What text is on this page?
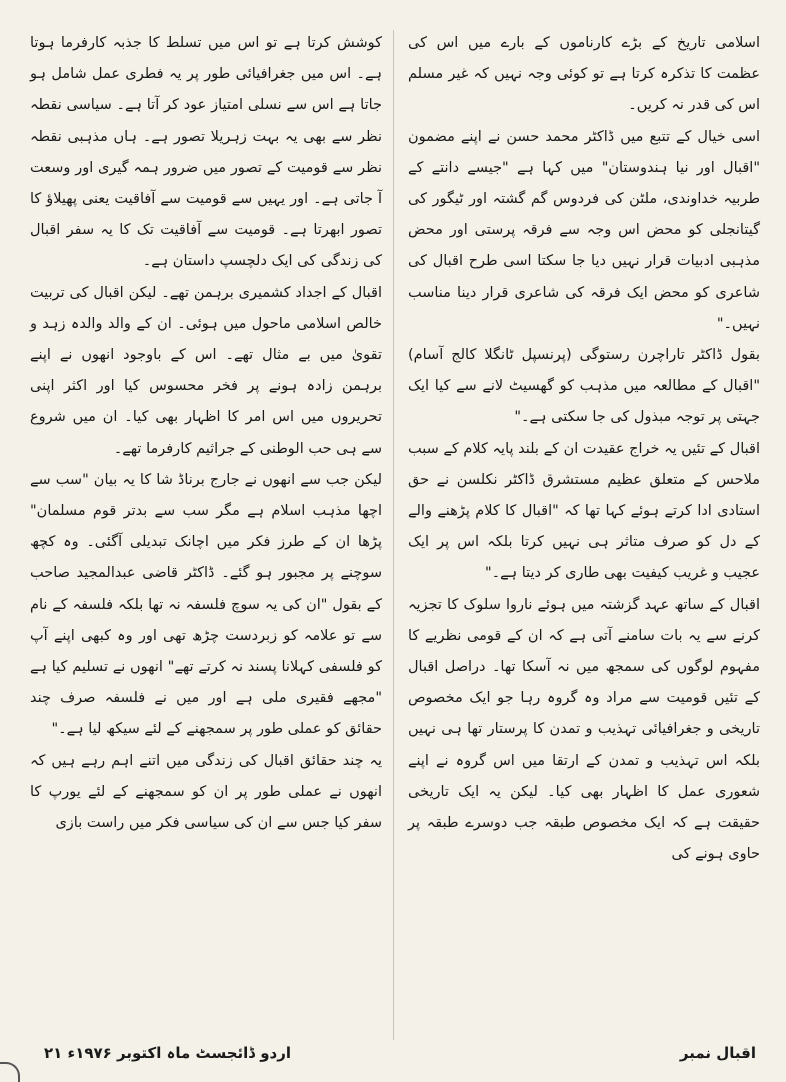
اسلامی تاریخ کے بڑے کارناموں کے بارے میں اس کی عظمت کا تذکرہ کرتا ہے تو کوئی وجہ نہیں کہ غیر مسلم اس کی قدر نہ کریں۔

اسی خیال کے تتبع میں ڈاکٹر محمد حسن نے اپنے مضمون "اقبال اور نیا ہندوستان" میں کہا ہے "جیسے دانتے کے طربیہ خداوندی، ملٹن کی فردوس گم گشتہ اور ٹیگور کی گیتانجلی کو محض اس وجہ سے فرقہ پرستی اور محض مذہبی ادبیات قرار نہیں دیا جا سکتا اسی طرح اقبال کی شاعری کو محض ایک فرقہ کی شاعری قرار دینا مناسب نہیں۔"

بقول ڈاکٹر تاراچرن رستوگی (پرنسپل ٹانگلا کالج آسام) "اقبال کے مطالعہ میں مذہب کو گھسیٹ لانے سے کیا ایک جہتی پر توجہ مبذول کی جا سکتی ہے۔"

اقبال کے تئیں یہ خراج عقیدت ان کے بلند پایہ کلام کے سبب ملاحس کے متعلق عظیم مستشرق ڈاکٹر نکلسن نے حق استادی ادا کرتے ہوئے کہا تھا کہ "اقبال کا کلام پڑھنے والے کے دل کو صرف متاثر ہی نہیں کرتا بلکہ اس پر ایک عجیب و غریب کیفیت بھی طاری کر دیتا ہے۔"

اقبال کے ساتھ عہد گزشتہ میں ہوئے ناروا سلوک کا تجزیہ کرنے سے یہ بات سامنے آتی ہے کہ ان کے قومی نظریے کا مفہوم لوگوں کی سمجھ میں نہ آسکا تھا۔ دراصل اقبال کے تئیں قومیت سے مراد وہ گروہ رہا جو ایک مخصوص تاریخی و جغرافیائی تہذیب و تمدن کا پرستار تھا ہی نہیں بلکہ اس تہذیب و تمدن کے ارتقا میں اس گروہ نے اپنے شعوری عمل کا اظہار بھی کیا۔ لیکن یہ ایک تاریخی حقیقت ہے کہ ایک مخصوص طبقہ جب دوسرے طبقہ پر حاوی ہونے کی

کوشش کرتا ہے تو اس میں تسلط کا جذبہ کارفرما ہوتا ہے۔ اس میں جغرافیائی طور پر یہ فطری عمل شامل ہو جاتا ہے اس سے نسلی امتیاز عود کر آتا ہے۔ سیاسی نقطہ نظر سے بھی یہ بہت زہریلا تصور ہے۔ ہاں مذہبی نقطہ نظر سے قومیت کے تصور میں ضرور ہمہ گیری اور وسعت آ جاتی ہے۔ اور یہیں سے قومیت سے آفاقیت یعنی پھیلاؤ کا تصور ابھرتا ہے۔ قومیت سے آفاقیت تک کا یہ سفر اقبال کی زندگی کی ایک دلچسپ داستان ہے۔

اقبال کے اجداد کشمیری برہمن تھے۔ لیکن اقبال کی تربیت خالص اسلامی ماحول میں ہوئی۔ ان کے والد والدہ زہد و تقویٰ میں بے مثال تھے۔ اس کے باوجود انھوں نے اپنے برہمن زادہ ہونے پر فخر محسوس کیا اور اکثر اپنی تحریروں میں اس امر کا اظہار بھی کیا۔ ان میں شروع سے ہی حب الوطنی کے جراثیم کارفرما تھے۔

لیکن جب سے انھوں نے جارج برناڈ شا کا یہ بیان "سب سے اچھا مذہب اسلام ہے مگر سب سے بدتر قوم مسلمان" پڑھا ان کے طرز فکر میں اچانک تبدیلی آگئی۔ وہ کچھ سوچنے پر مجبور ہو گئے۔ ڈاکٹر قاضی عبدالمجید صاحب کے بقول "ان کی یہ سوچ فلسفہ نہ تھا بلکہ فلسفہ کے نام سے تو علامہ کو زبردست چڑھ تھی اور وہ کبھی اپنے آپ کو فلسفی کہلانا پسند نہ کرتے تھے" انھوں نے تسلیم کیا ہے "مجھے فقیری ملی ہے اور میں نے فلسفہ صرف چند حقائق کو عملی طور پر سمجھنے کے لئے سیکھ لیا ہے۔"

یہ چند حقائق اقبال کی زندگی میں اتنے اہم رہے ہیں کہ انھوں نے عملی طور پر ان کو سمجھنے کے لئے یورپ کا سفر کیا جس سے ان کی سیاسی فکر میں راست بازی

اقبال نمبر
اردو ڈائجسٹ ماہ اکتوبر ۱۹۷۶ء ۲۱
